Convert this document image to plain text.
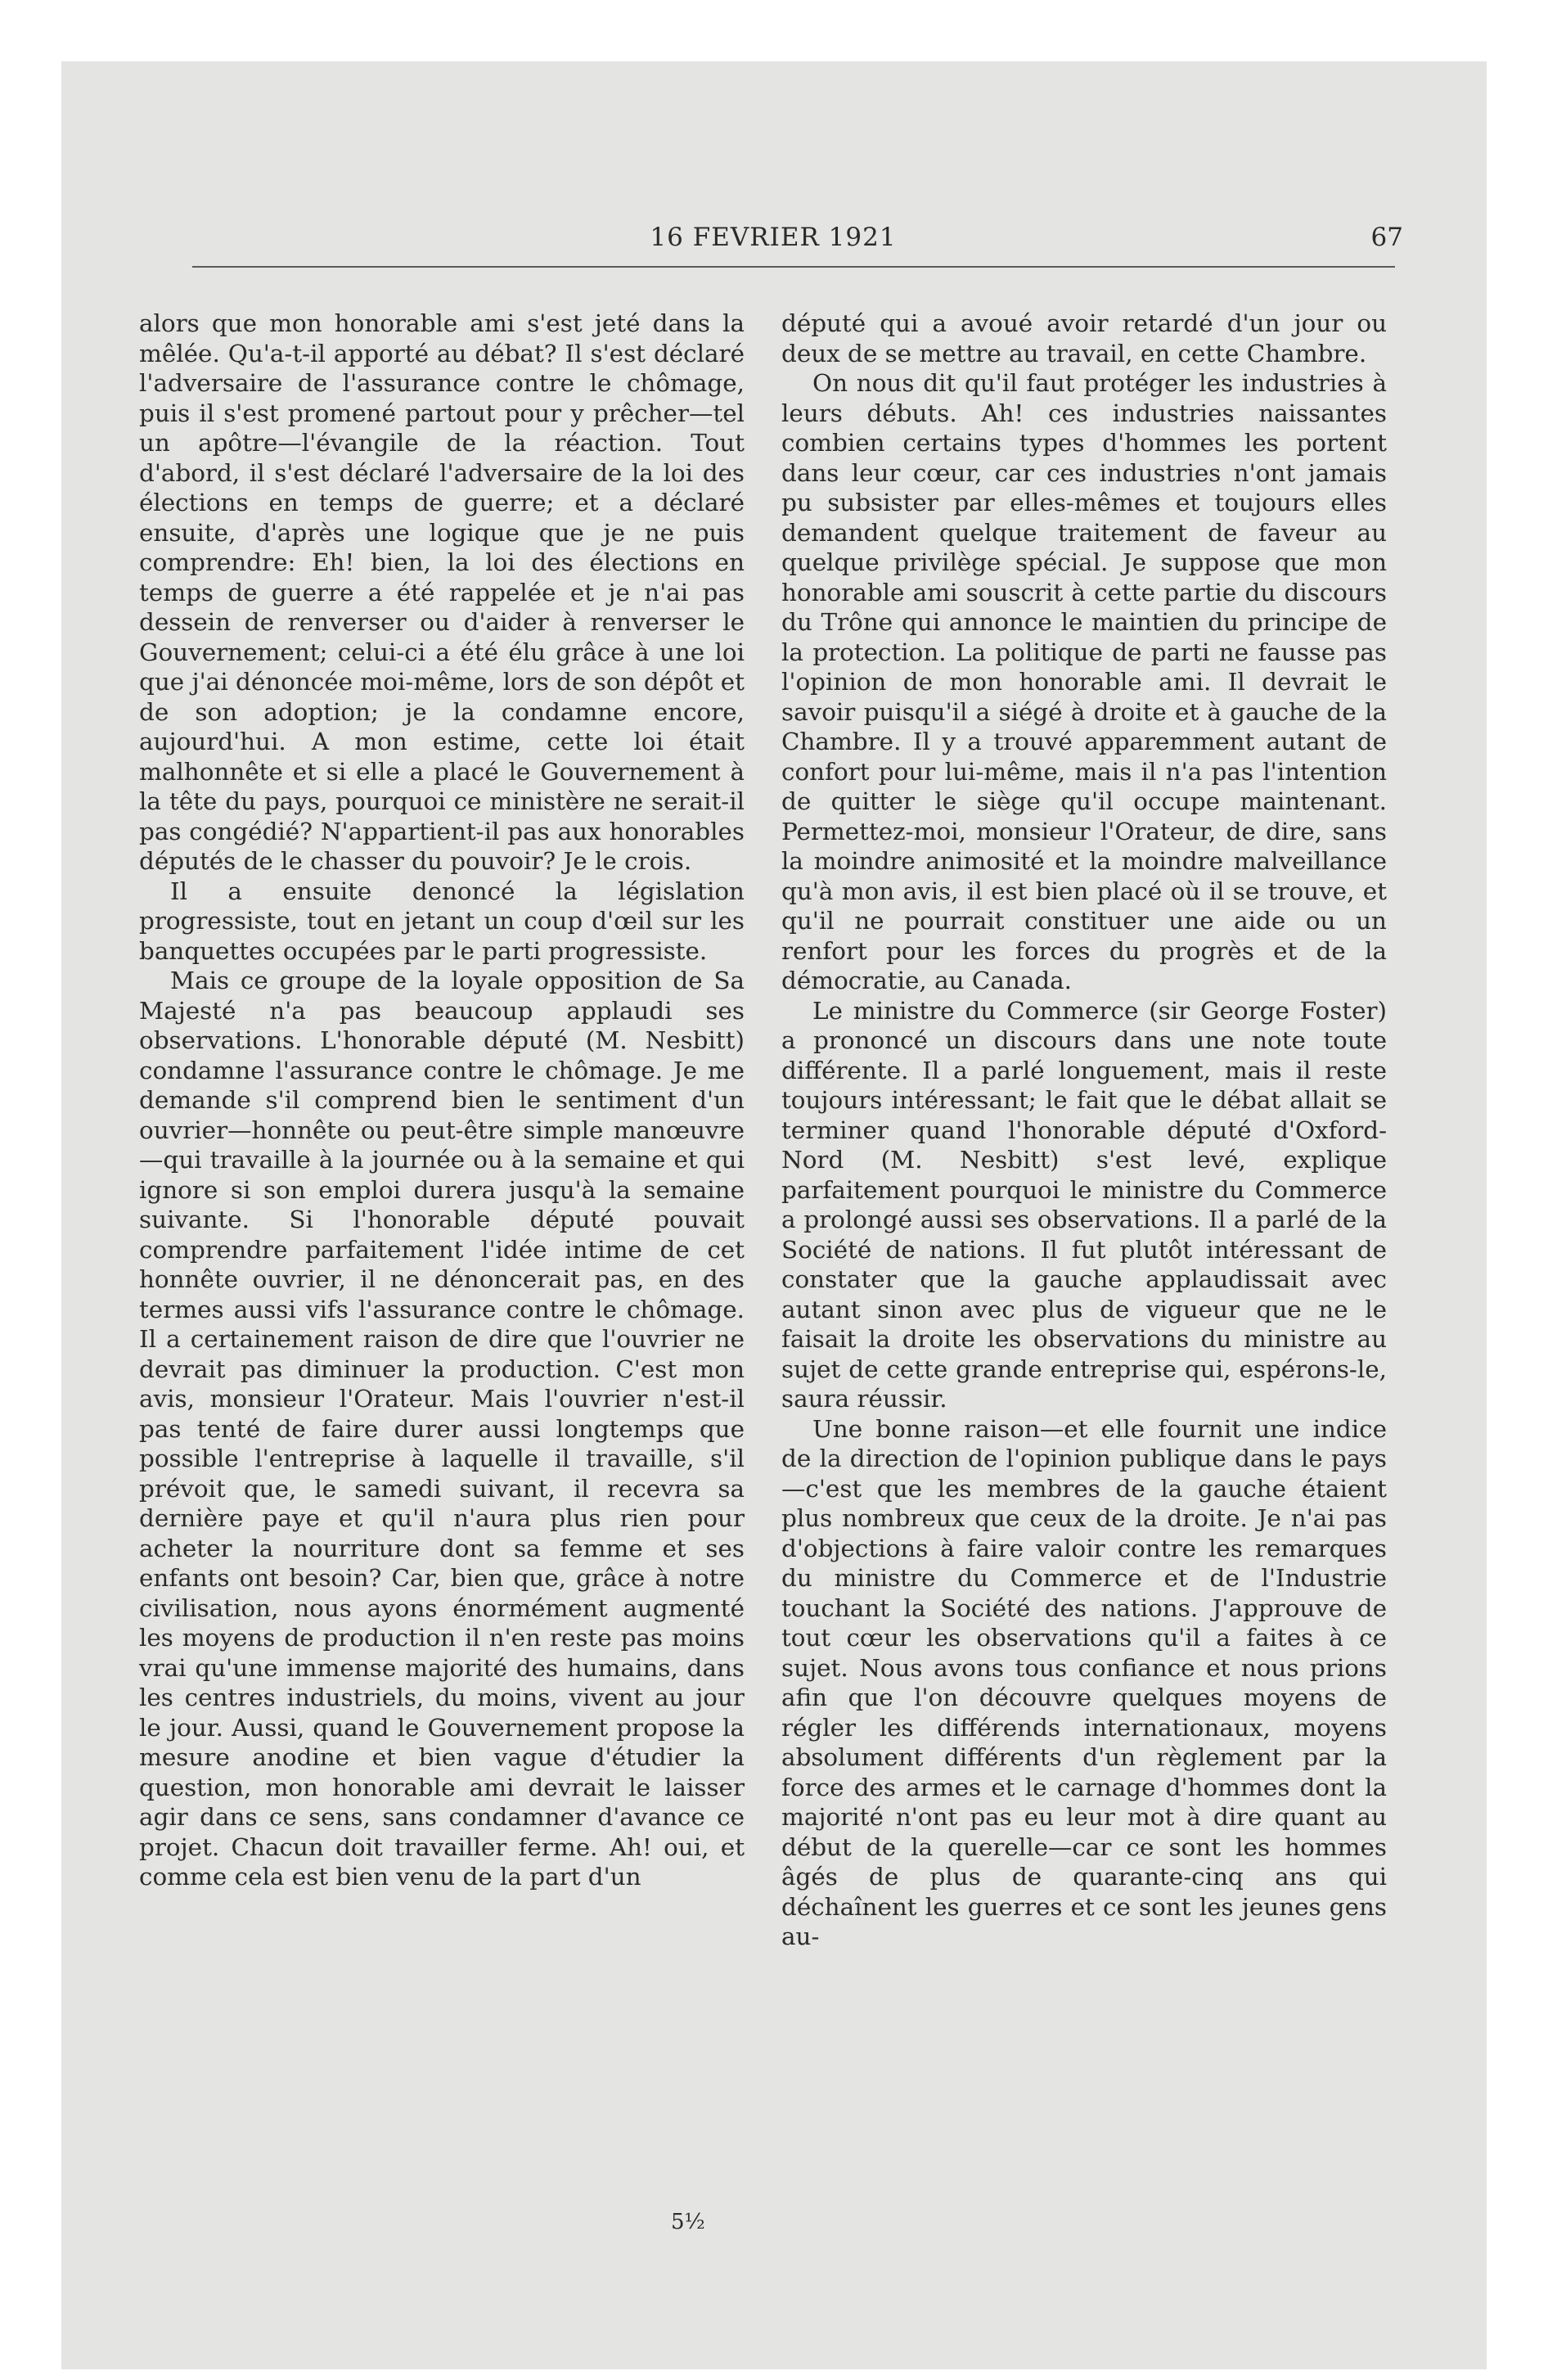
16 FEVRIER 1921	67

alors que mon honorable ami s'est jeté dans la mêlée. Qu'a-t-il apporté au débat? Il s'est déclaré l'adversaire de l'assurance contre le chômage, puis il s'est promené partout pour y prêcher—tel un apôtre—l'évangile de la réaction. Tout d'abord, il s'est déclaré l'adversaire de la loi des élections en temps de guerre; et a déclaré ensuite, d'après une logique que je ne puis comprendre: Eh! bien, la loi des élections en temps de guerre a été rappelée et je n'ai pas dessein de renverser ou d'aider à renverser le Gouvernement; celui-ci a été élu grâce à une loi que j'ai dénoncée moi-même, lors de son dépôt et de son adoption; je la condamne encore, aujourd'hui. A mon estime, cette loi était malhonnête et si elle a placé le Gouvernement à la tête du pays, pourquoi ce ministère ne serait-il pas congédié? N'appartient-il pas aux honorables députés de le chasser du pouvoir? Je le crois.

Il a ensuite denoncé la législation progressiste, tout en jetant un coup d'œil sur les banquettes occupées par le parti progressiste.

Mais ce groupe de la loyale opposition de Sa Majesté n'a pas beaucoup applaudi ses observations. L'honorable député (M. Nesbitt) condamne l'assurance contre le chômage. Je me demande s'il comprend bien le sentiment d'un ouvrier—honnête ou peut-être simple manœuvre—qui travaille à la journée ou à la semaine et qui ignore si son emploi durera jusqu'à la semaine suivante. Si l'honorable député pouvait comprendre parfaitement l'idée intime de cet honnête ouvrier, il ne dénoncerait pas, en des termes aussi vifs l'assurance contre le chômage. Il a certainement raison de dire que l'ouvrier ne devrait pas diminuer la production. C'est mon avis, monsieur l'Orateur. Mais l'ouvrier n'est-il pas tenté de faire durer aussi longtemps que possible l'entreprise à laquelle il travaille, s'il prévoit que, le samedi suivant, il recevra sa dernière paye et qu'il n'aura plus rien pour acheter la nourriture dont sa femme et ses enfants ont besoin? Car, bien que, grâce à notre civilisation, nous ayons énormément augmenté les moyens de production il n'en reste pas moins vrai qu'une immense majorité des humains, dans les centres industriels, du moins, vivent au jour le jour. Aussi, quand le Gouvernement propose la mesure anodine et bien vague d'étudier la question, mon honorable ami devrait le laisser agir dans ce sens, sans condamner d'avance ce projet. Chacun doit travailler ferme. Ah! oui, et comme cela est bien venu de la part d'un

député qui a avoué avoir retardé d'un jour ou deux de se mettre au travail, en cette Chambre.

On nous dit qu'il faut protéger les industries à leurs débuts. Ah! ces industries naissantes combien certains types d'hommes les portent dans leur cœur, car ces industries n'ont jamais pu subsister par elles-mêmes et toujours elles demandent quelque traitement de faveur au quelque privilège spécial. Je suppose que mon honorable ami souscrit à cette partie du discours du Trône qui annonce le maintien du principe de la protection. La politique de parti ne fausse pas l'opinion de mon honorable ami. Il devrait le savoir puisqu'il a siégé à droite et à gauche de la Chambre. Il y a trouvé apparemment autant de confort pour lui-même, mais il n'a pas l'intention de quitter le siège qu'il occupe maintenant. Permettez-moi, monsieur l'Orateur, de dire, sans la moindre animosité et la moindre malveillance qu'à mon avis, il est bien placé où il se trouve, et qu'il ne pourrait constituer une aide ou un renfort pour les forces du progrès et de la démocratie, au Canada.

Le ministre du Commerce (sir George Foster) a prononcé un discours dans une note toute différente. Il a parlé longuement, mais il reste toujours intéressant; le fait que le débat allait se terminer quand l'honorable député d'Oxford-Nord (M. Nesbitt) s'est levé, explique parfaitement pourquoi le ministre du Commerce a prolongé aussi ses observations. Il a parlé de la Société de nations. Il fut plutôt intéressant de constater que la gauche applaudissait avec autant sinon avec plus de vigueur que ne le faisait la droite les observations du ministre au sujet de cette grande entreprise qui, espérons-le, saura réussir.

Une bonne raison—et elle fournit une indice de la direction de l'opinion publique dans le pays—c'est que les membres de la gauche étaient plus nombreux que ceux de la droite. Je n'ai pas d'objections à faire valoir contre les remarques du ministre du Commerce et de l'Industrie touchant la Société des nations. J'approuve de tout cœur les observations qu'il a faites à ce sujet. Nous avons tous confiance et nous prions afin que l'on découvre quelques moyens de régler les différends internationaux, moyens absolument différents d'un règlement par la force des armes et le carnage d'hommes dont la majorité n'ont pas eu leur mot à dire quant au début de la querelle—car ce sont les hommes âgés de plus de quarante-cinq ans qui déchaînent les guerres et ce sont les jeunes gens au-

5½
